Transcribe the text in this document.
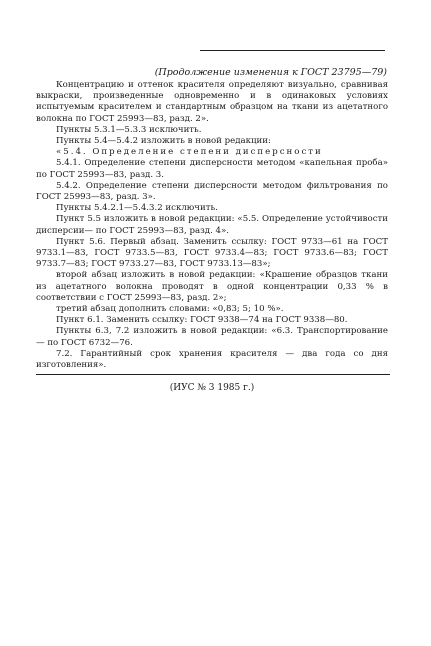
(Продолжение изменения к ГОСТ 23795—79)

Концентрацию и оттенок красителя определяют визуально, сравнивая выкраски, произведенные одновременно и в одинаковых условиях испытуемым красителем и стандартным образцом на ткани из ацетатного волокна по ГОСТ 25993—83, разд. 2».

Пункты 5.3.1—5.3.3 исключить.

Пункты 5.4—5.4.2 изложить в новой редакции:

«5.4. Определение степени дисперсности

5.4.1. Определение степени дисперсности методом «капельная проба» по ГОСТ 25993—83, разд. 3.

5.4.2. Определение степени дисперсности методом фильтрования по ГОСТ 25993—83, разд. 3».

Пункты 5.4.2.1—5.4.3.2 исключить.

Пункт 5.5 изложить в новой редакции: «5.5. Определение устойчивости дисперсии— по ГОСТ 25993—83, разд. 4».

Пункт 5.6. Первый абзац. Заменить ссылку: ГОСТ 9733—61 на ГОСТ 9733.1—83, ГОСТ 9733.5—83, ГОСТ 9733.4—83; ГОСТ 9733.6—83; ГОСТ 9733.7—83; ГОСТ 9733.27—83, ГОСТ 9733.13—83»;

второй абзац изложить в новой редакции: «Крашение образцов ткани из ацетатного волокна проводят в одной концентрации 0,33 % в соответствии с ГОСТ 25993—83, разд. 2»;

третий абзац дополнить словами: «0,83; 5; 10 %».

Пункт 6.1. Заменить ссылку: ГОСТ 9338—74 на ГОСТ 9338—80.

Пункты 6.3, 7.2 изложить в новой редакции: «6.3. Транспортирование — по ГОСТ 6732—76.

7.2. Гарантийный срок хранения красителя — два года со дня изготовления».

(ИУС № 3 1985 г.)
